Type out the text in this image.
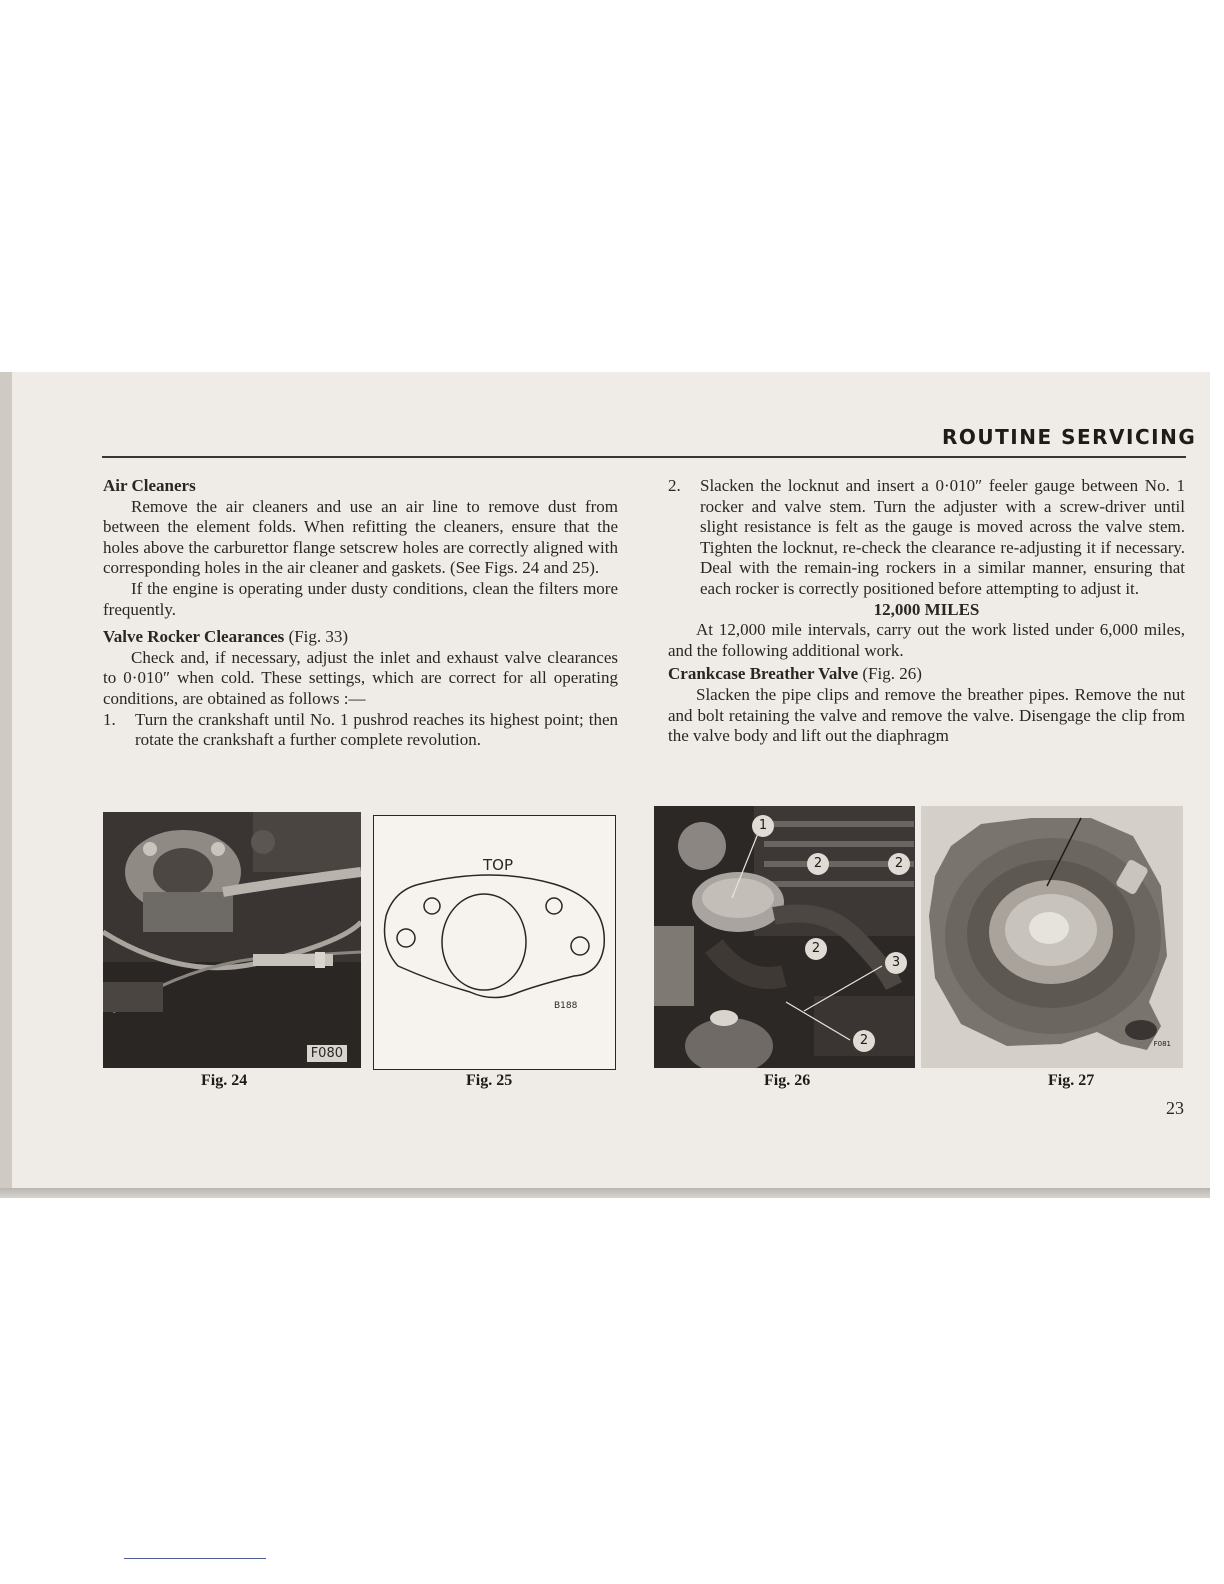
ROUTINE SERVICING

Air Cleaners

Remove the air cleaners and use an air line to remove dust from between the element folds. When refitting the cleaners, ensure that the holes above the carburettor flange setscrew holes are correctly aligned with corresponding holes in the air cleaner and gaskets. (See Figs. 24 and 25).

If the engine is operating under dusty conditions, clean the filters more frequently.

Valve Rocker Clearances (Fig. 33)

Check and, if necessary, adjust the inlet and exhaust valve clearances to 0·010″ when cold. These settings, which are correct for all operating conditions, are obtained as follows :—

1.	Turn the crankshaft until No. 1 pushrod reaches its highest point; then rotate the crankshaft a further complete revolution.
2.	Slacken the locknut and insert a 0·010″ feeler gauge between No. 1 rocker and valve stem. Turn the adjuster with a screw-driver until slight resistance is felt as the gauge is moved across the valve stem. Tighten the locknut, re-check the clearance re-adjusting it if necessary. Deal with the remain-ing rockers in a similar manner, ensuring that each rocker is correctly positioned before attempting to adjust it.

12,000 MILES

At 12,000 mile intervals, carry out the work listed under 6,000 miles, and the following additional work.

Crankcase Breather Valve (Fig. 26)

Slacken the pipe clips and remove the breather pipes. Remove the nut and bolt retaining the valve and remove the valve. Disengage the clip from the valve body and lift out the diaphragm

F080
Fig. 24
TOP
B188
Fig. 25
1
2	2
2
3
2
Fig. 26
F081
Fig. 27
23
